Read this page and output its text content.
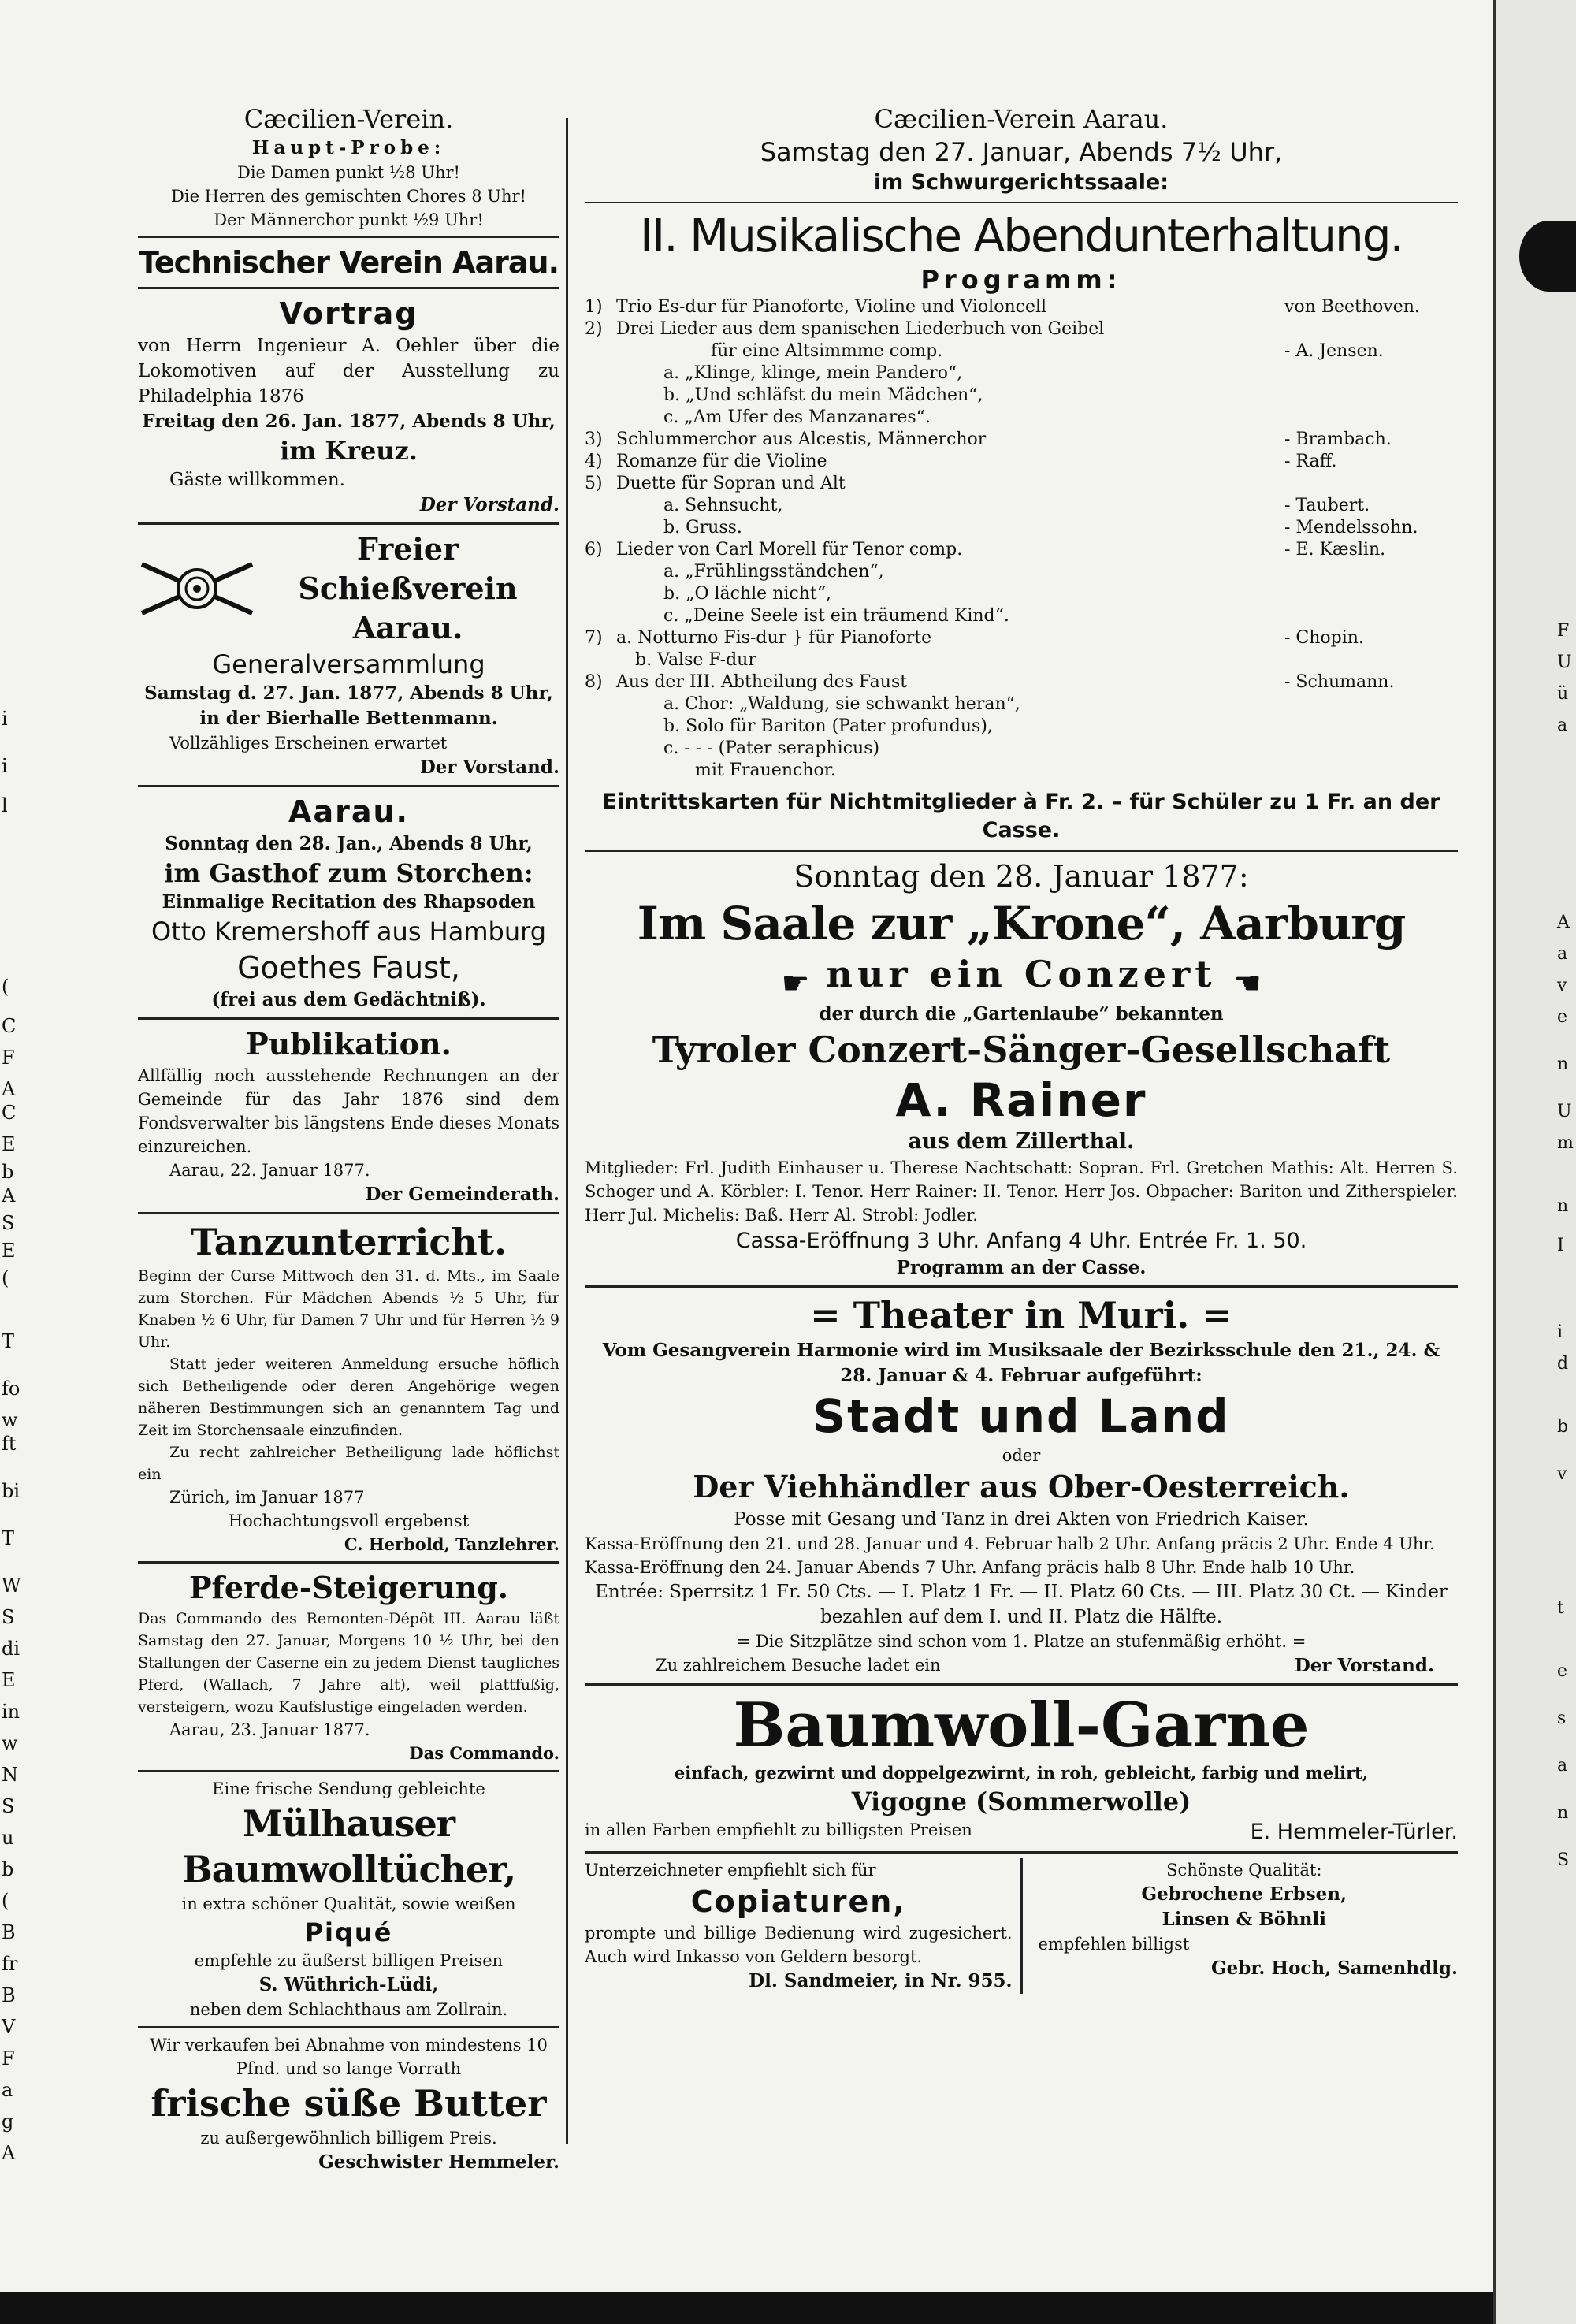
i
i
l
(
C
F
A
C
E
b
A
S
E
(
T
fo
w
ft
bi
T
W
S
di
E
in
w
N
S
u
b
(
B
fr
B
V
F
a
g
A
Cæcilien-Verein.
Haupt-Probe:
Die Damen punkt ½8 Uhr!
Die Herren des gemischten Chores 8 Uhr!
Der Männerchor punkt ½9 Uhr!
Technischer Verein Aarau.
Vortrag
von Herrn Ingenieur A. Oehler über die Lokomotiven auf der Ausstellung zu Philadelphia 1876
Freitag den 26. Jan. 1877, Abends 8 Uhr,
im Kreuz.
Gäste willkommen.
Der Vorstand.
Freier Schießverein
Aarau.
Generalversammlung
Samstag d. 27. Jan. 1877, Abends 8 Uhr,
in der Bierhalle Bettenmann.
Vollzähliges Erscheinen erwartet
Der Vorstand.
Aarau.
Sonntag den 28. Jan., Abends 8 Uhr,
im Gasthof zum Storchen:
Einmalige Recitation des Rhapsoden
Otto Kremershoff aus Hamburg
Goethes Faust,
(frei aus dem Gedächtniß).
Publikation.
Allfällig noch ausstehende Rechnungen an der Gemeinde für das Jahr 1876 sind dem Fondsverwalter bis längstens Ende dieses Monats einzureichen.
Aarau, 22. Januar 1877.
Der Gemeinderath.
Tanzunterricht.
Beginn der Curse Mittwoch den 31. d. Mts., im Saale zum Storchen. Für Mädchen Abends ½ 5 Uhr, für Knaben ½ 6 Uhr, für Damen 7 Uhr und für Herren ½ 9 Uhr.
Statt jeder weiteren Anmeldung ersuche höflich sich Betheiligende oder deren Angehörige wegen näheren Bestimmungen sich an genanntem Tag und Zeit im Storchensaale einzufinden.
Zu recht zahlreicher Betheiligung lade höflichst ein
Zürich, im Januar 1877
Hochachtungsvoll ergebenst
C. Herbold, Tanzlehrer.
Pferde-Steigerung.
Das Commando des Remonten-Dépôt III. Aarau läßt Samstag den 27. Januar, Morgens 10 ½ Uhr, bei den Stallungen der Caserne ein zu jedem Dienst taugliches Pferd, (Wallach, 7 Jahre alt), weil plattfußig, versteigern, wozu Kaufslustige eingeladen werden.
Aarau, 23. Januar 1877.
Das Commando.
Eine frische Sendung gebleichte
Mülhauser Baumwolltücher,
in extra schöner Qualität, sowie weißen
Piqué
empfehle zu äußerst billigen Preisen
S. Wüthrich-Lüdi,
neben dem Schlachthaus am Zollrain.
Wir verkaufen bei Abnahme von mindestens 10 Pfnd. und so lange Vorrath
frische süße Butter
zu außergewöhnlich billigem Preis.
Geschwister Hemmeler.
Cæcilien-Verein Aarau.
Samstag den 27. Januar, Abends 7½ Uhr,
im Schwurgerichtssaale:
II. Musikalische Abendunterhaltung.
Programm:
1)	Trio Es-dur für Pianoforte, Violine und Violoncell	von Beethoven.
2)	Drei Lieder aus dem spanischen Liederbuch von Geibel	
	für eine Altsimmme comp.	- A. Jensen.
	a. „Klinge, klinge, mein Pandero“,	
	b. „Und schläfst du mein Mädchen“,	
	c. „Am Ufer des Manzanares“.	
3)	Schlummerchor aus Alcestis, Männerchor	- Brambach.
4)	Romanze für die Violine	- Raff.
5)	Duette für Sopran und Alt	
	a. Sehnsucht,	- Taubert.
	b. Gruss.	- Mendelssohn.
6)	Lieder von Carl Morell für Tenor comp.	- E. Kæslin.
	a. „Frühlingsständchen“,	
	b. „O lächle nicht“,	
	c. „Deine Seele ist ein träumend Kind“.	
7)	a. Notturno Fis-dur } für Pianoforte	- Chopin.
	b. Valse F-dur	
8)	Aus der III. Abtheilung des Faust	- Schumann.
	a. Chor: „Waldung, sie schwankt heran“,	
	b. Solo für Bariton (Pater profundus),	
	c. - - - (Pater seraphicus)	
	mit Frauenchor.	
Eintrittskarten für Nichtmitglieder à Fr. 2. – für Schüler zu 1 Fr. an der Casse.
Sonntag den 28. Januar 1877:
Im Saale zur „Krone“, Aarburg
☛ nur ein Conzert ☛
der durch die „Gartenlaube“ bekannten
Tyroler Conzert-Sänger-Gesellschaft
A. Rainer
aus dem Zillerthal.
Mitglieder: Frl. Judith Einhauser u. Therese Nachtschatt: Sopran. Frl. Gretchen Mathis: Alt. Herren S. Schoger und A. Körbler: I. Tenor. Herr Rainer: II. Tenor. Herr Jos. Obpacher: Bariton und Zitherspieler. Herr Jul. Michelis: Baß. Herr Al. Strobl: Jodler.
Cassa-Eröffnung 3 Uhr. Anfang 4 Uhr. Entrée Fr. 1. 50.
Programm an der Casse.
= Theater in Muri. =
Vom Gesangverein Harmonie wird im Musiksaale der Bezirksschule den 21., 24. & 28. Januar & 4. Februar aufgeführt:
Stadt und Land
oder
Der Viehhändler aus Ober-Oesterreich.
Posse mit Gesang und Tanz in drei Akten von Friedrich Kaiser.
Kassa-Eröffnung den 21. und 28. Januar und 4. Februar halb 2 Uhr. Anfang präcis 2 Uhr. Ende 4 Uhr.
Kassa-Eröffnung den 24. Januar Abends 7 Uhr. Anfang präcis halb 8 Uhr. Ende halb 10 Uhr.
Entrée: Sperrsitz 1 Fr. 50 Cts. — I. Platz 1 Fr. — II. Platz 60 Cts. — III. Platz 30 Ct. — Kinder bezahlen auf dem I. und II. Platz die Hälfte.
= Die Sitzplätze sind schon vom 1. Platze an stufenmäßig erhöht. =
Zu zahlreichem Besuche ladet ein	Der Vorstand.
Baumwoll-Garne
einfach, gezwirnt und doppelgezwirnt, in roh, gebleicht, farbig und melirt,
Vigogne (Sommerwolle)
in allen Farben empfiehlt zu billigsten Preisen	E. Hemmeler-Türler.
Unterzeichneter empfiehlt sich für
Copiaturen,
prompte und billige Bedienung wird zugesichert. Auch wird Inkasso von Geldern besorgt.
Dl. Sandmeier, in Nr. 955.
Schönste Qualität:
Gebrochene Erbsen,
Linsen & Böhnli
empfehlen billigst
Gebr. Hoch, Samenhdlg.
F
U
ü
a
A
a
v
e
n
U
m
n
I
i
d
b
v
t
e
s
a
n
S
